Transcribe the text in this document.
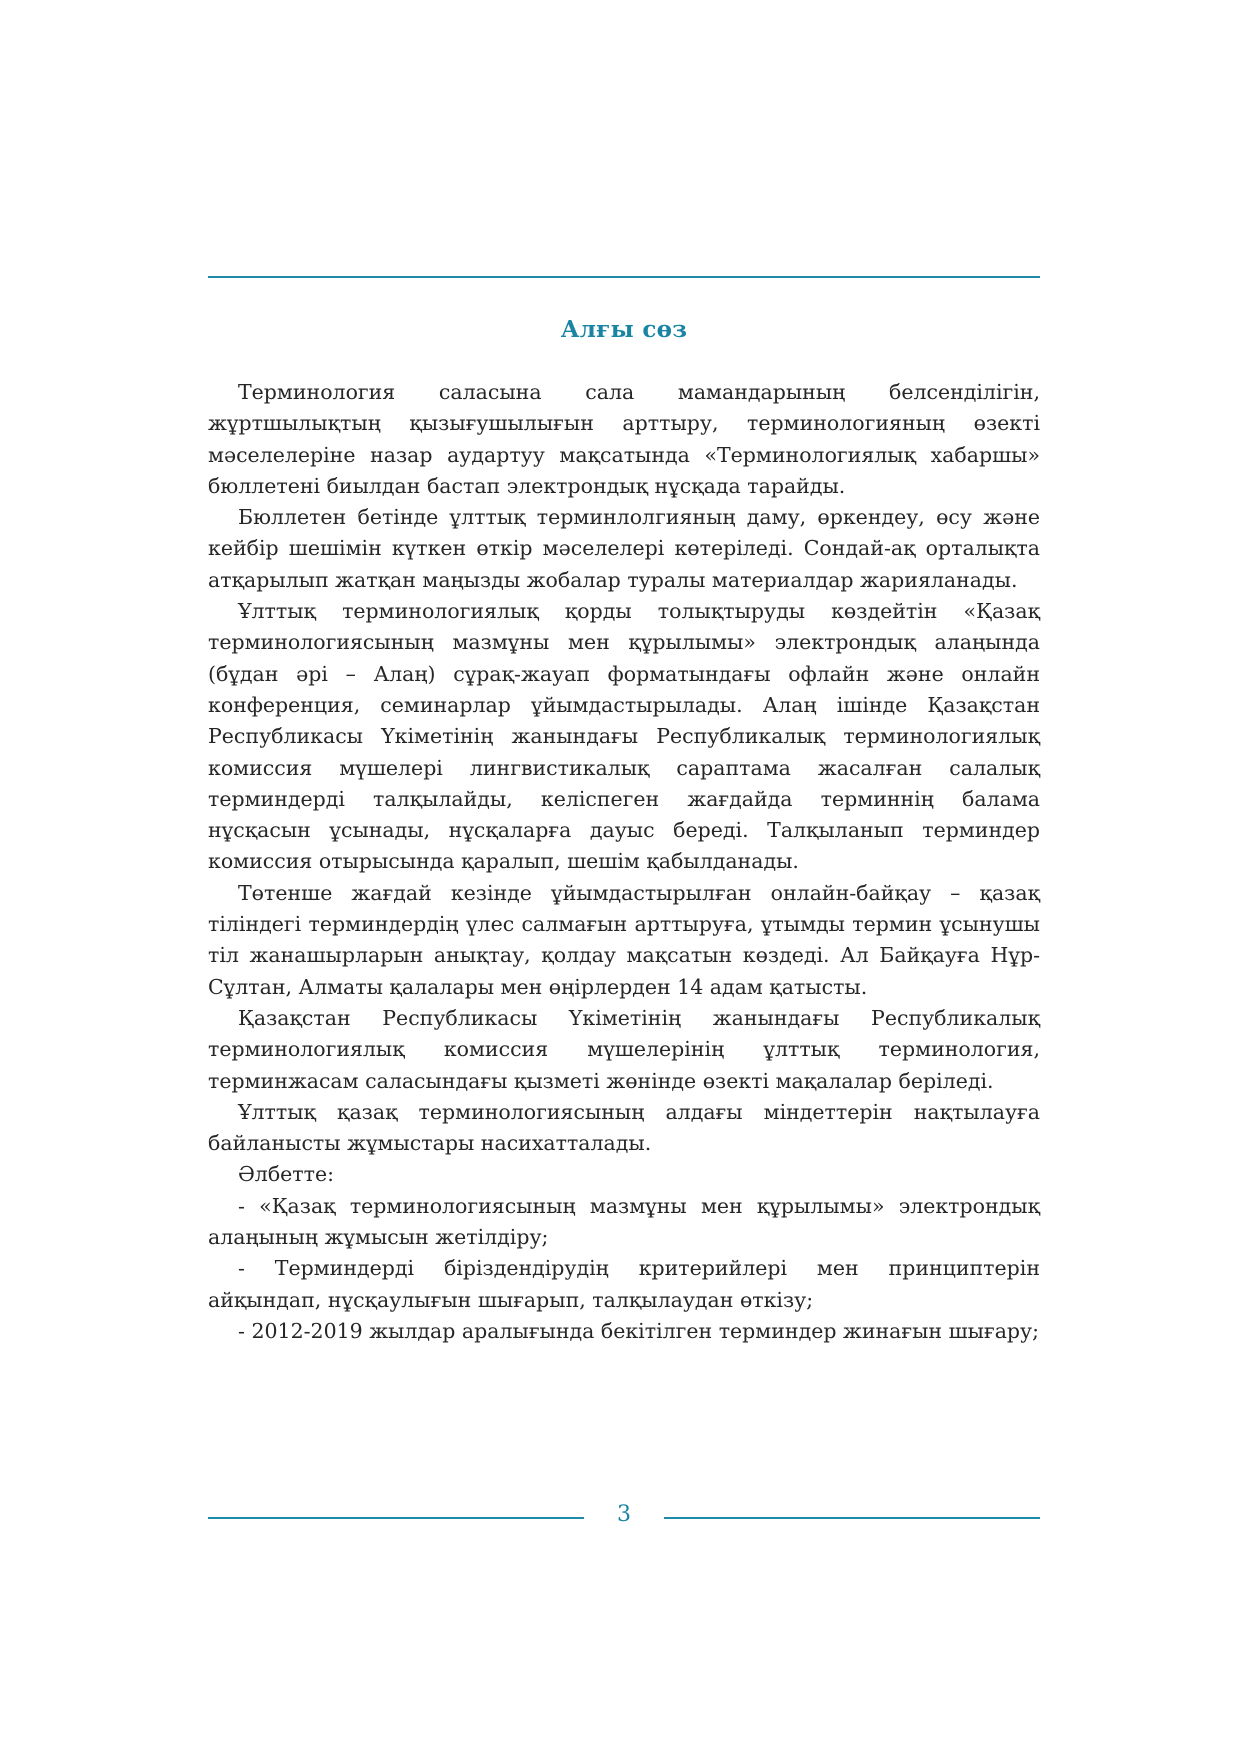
Алғы сөз

Терминология саласына сала мамандарының белсенділігін, жұртшылықтың қызығушылығын арттыру, терминологияның өзекті мәселелеріне назар аудартуу мақсатында «Терминологиялық хабаршы» бюллетені биылдан бастап электрондық нұсқада тарайды.

Бюллетен бетінде ұлттық терминлолгияның даму, өркендеу, өсу және кейбір шешімін күткен өткір мәселелері көтеріледі. Сондай-ақ орталықта атқарылып жатқан маңызды жобалар туралы материалдар жарияланады.

Ұлттық терминологиялық қорды толықтыруды көздейтін «Қазақ терминологиясының мазмұны мен құрылымы» электрондық алаңында (бұдан әрі – Алаң) сұрақ-жауап форматындағы офлайн және онлайн конференция, семинарлар ұйымдастырылады. Алаң ішінде Қазақстан Республикасы Үкіметінің жанындағы Республикалық терминологиялық комиссия мүшелері лингвистикалық сараптама жасалған салалық терминдерді талқылайды, келіспеген жағдайда терминнің балама нұсқасын ұсынады, нұсқаларға дауыс береді. Талқыланып терминдер комиссия отырысында қаралып, шешім қабылданады.

Төтенше жағдай кезінде ұйымдастырылған онлайн-байқау – қазақ тіліндегі терминдердің үлес салмағын арттыруға, ұтымды термин ұсынушы тіл жанашырларын анықтау, қолдау мақсатын көздеді. Ал Байқауға Нұр-Сұлтан, Алматы қалалары мен өңірлерден 14 адам қатысты.

Қазақстан Республикасы Үкіметінің жанындағы Республикалық терминологиялық комиссия мүшелерінің ұлттық терминология, терминжасам саласындағы қызметі жөнінде өзекті мақалалар беріледі.

Ұлттық қазақ терминологиясының алдағы міндеттерін нақтылауға байланысты жұмыстары насихатталады.

Әлбетте:

- «Қазақ терминологиясының мазмұны мен құрылымы» электрондық алаңының жұмысын жетілдіру;

- Терминдерді біріздендірудің критерийлері мен принциптерін айқындап, нұсқаулығын шығарып, талқылаудан өткізу;

- 2012-2019 жылдар аралығында бекітілген терминдер жинағын шығару;

3
